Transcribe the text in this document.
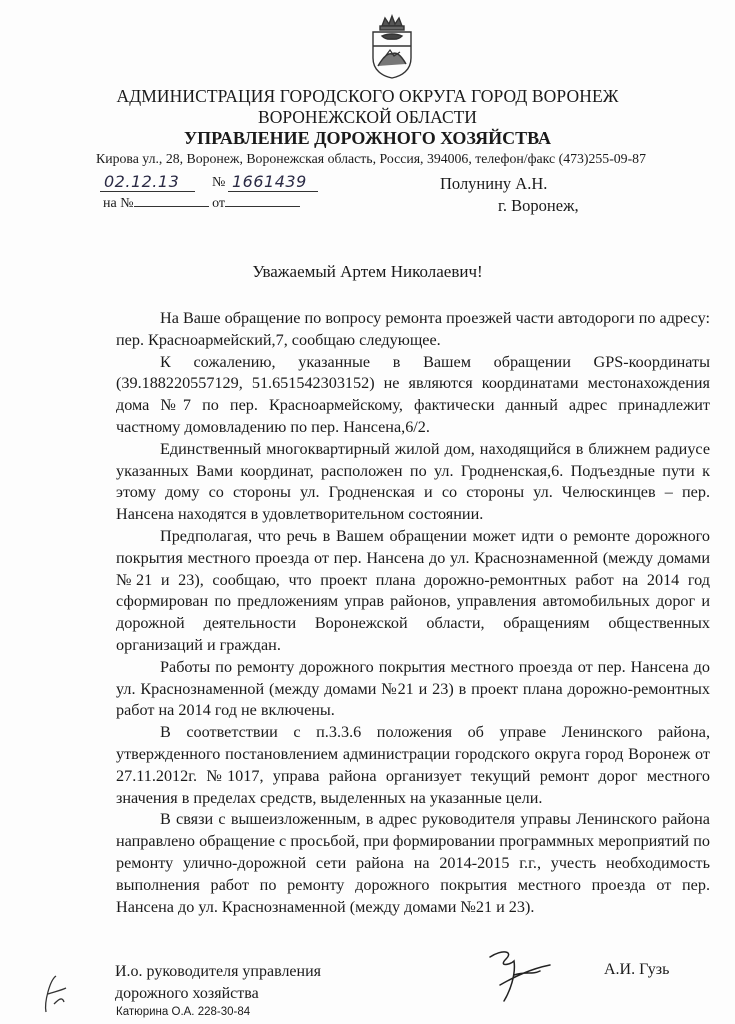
АДМИНИСТРАЦИЯ ГОРОДСКОГО ОКРУГА ГОРОД ВОРОНЕЖ
ВОРОНЕЖСКОЙ ОБЛАСТИ
УПРАВЛЕНИЕ ДОРОЖНОГО ХОЗЯЙСТВА
Кирова ул., 28, Воронеж, Воронежская область, Россия, 394006, телефон/факс (473)255-09-87
02.12.13 № 1661439
на №	от
Полунину А.Н.
г. Воронеж,
Уважаемый Артем Николаевич!

На Ваше обращение по вопросу ремонта проезжей части автодороги по адресу: пер. Красноармейский,7, сообщаю следующее.

К сожалению, указанные в Вашем обращении GPS-координаты (39.188220557129, 51.651542303152) не являются координатами местонахождения дома №7 по пер. Красноармейскому, фактически данный адрес принадлежит частному домовладению по пер. Нансена,6/2.

Единственный многоквартирный жилой дом, находящийся в ближнем радиусе указанных Вами координат, расположен по ул. Гродненская,6. Подъездные пути к этому дому со стороны ул. Гродненская и со стороны ул. Челюскинцев – пер. Нансена находятся в удовлетворительном состоянии.

Предполагая, что речь в Вашем обращении может идти о ремонте дорожного покрытия местного проезда от пер. Нансена до ул. Краснознаменной (между домами №21 и 23), сообщаю, что проект плана дорожно-ремонтных работ на 2014 год сформирован по предложениям управ районов, управления автомобильных дорог и дорожной деятельности Воронежской области, обращениям общественных организаций и граждан.

Работы по ремонту дорожного покрытия местного проезда от пер. Нансена до ул. Краснознаменной (между домами №21 и 23) в проект плана дорожно-ремонтных работ на 2014 год не включены.

В соответствии с п.3.3.6 положения об управе Ленинского района, утвержденного постановлением администрации городского округа город Воронеж от 27.11.2012г. №1017, управа района организует текущий ремонт дорог местного значения в пределах средств, выделенных на указанные цели.

В связи с вышеизложенным, в адрес руководителя управы Ленинского района направлено обращение с просьбой, при формировании программных мероприятий по ремонту улично-дорожной сети района на 2014-2015 г.г., учесть необходимость выполнения работ по ремонту дорожного покрытия местного проезда от пер. Нансена до ул. Краснознаменной (между домами №21 и 23).

И.о. руководителя управления
дорожного хозяйства
А.И. Гузь
Катюрина О.А. 228-30-84
